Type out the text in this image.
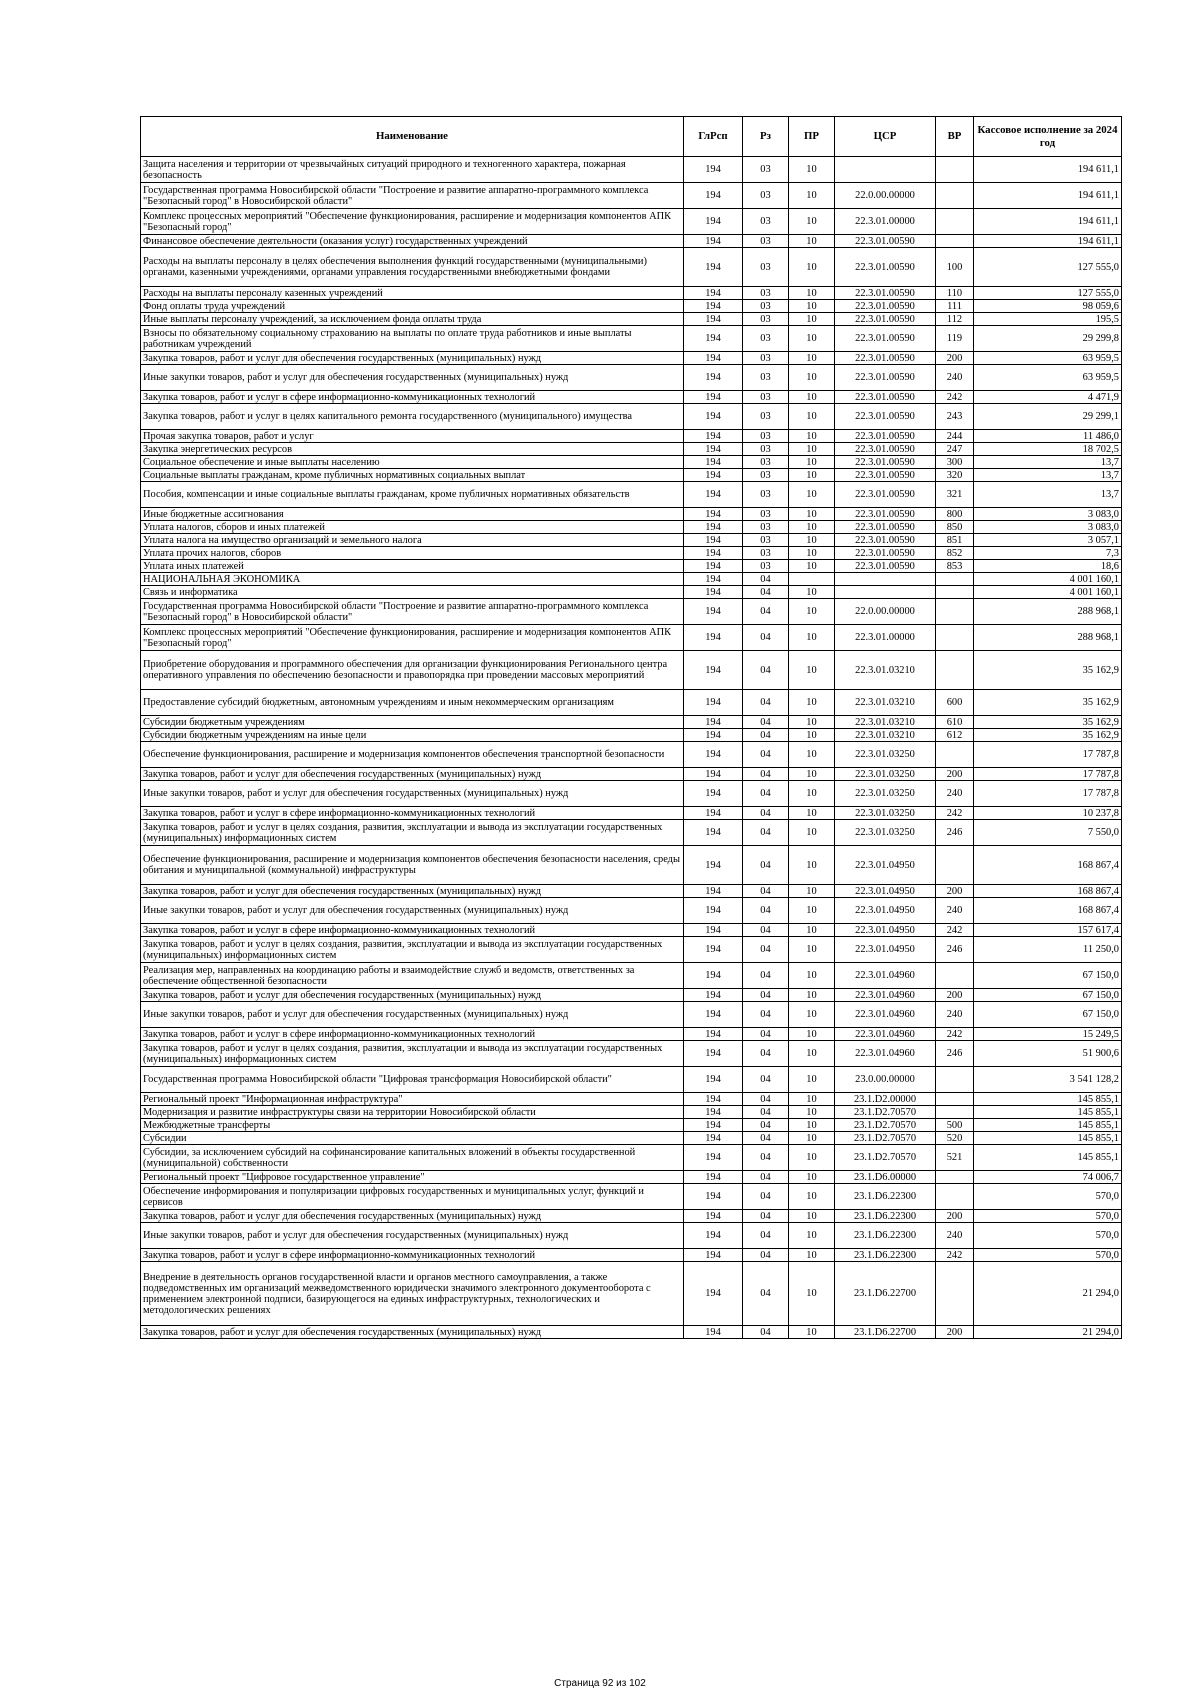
Наименование	ГлРсп	Рз	ПР	ЦСР	ВР	Кассовое исполнение за 2024 год
Защита населения и территории от чрезвычайных ситуаций природного и техногенного характера, пожарная безопасность	194	03	10			194 611,1
Государственная программа Новосибирской области "Построение и развитие аппаратно-программного комплекса "Безопасный город" в Новосибирской области"	194	03	10	22.0.00.00000		194 611,1
Комплекс процессных мероприятий "Обеспечение функционирования, расширение и модернизация компонентов АПК "Безопасный город"	194	03	10	22.3.01.00000		194 611,1
Финансовое обеспечение деятельности (оказания услуг) государственных учреждений	194	03	10	22.3.01.00590		194 611,1
Расходы на выплаты персоналу в целях обеспечения выполнения функций государственными (муниципальными) органами, казенными учреждениями, органами управления государственными внебюджетными фондами	194	03	10	22.3.01.00590	100	127 555,0
Расходы на выплаты персоналу казенных учреждений	194	03	10	22.3.01.00590	110	127 555,0
Фонд оплаты труда учреждений	194	03	10	22.3.01.00590	111	98 059,6
Иные выплаты персоналу учреждений, за исключением фонда оплаты труда	194	03	10	22.3.01.00590	112	195,5
Взносы по обязательному социальному страхованию на выплаты по оплате труда работников и иные выплаты работникам учреждений	194	03	10	22.3.01.00590	119	29 299,8
Закупка товаров, работ и услуг для обеспечения государственных (муниципальных) нужд	194	03	10	22.3.01.00590	200	63 959,5
Иные закупки товаров, работ и услуг для обеспечения государственных (муниципальных) нужд	194	03	10	22.3.01.00590	240	63 959,5
Закупка товаров, работ и услуг в сфере информационно-коммуникационных технологий	194	03	10	22.3.01.00590	242	4 471,9
Закупка товаров, работ и услуг в целях капитального ремонта государственного (муниципального) имущества	194	03	10	22.3.01.00590	243	29 299,1
Прочая закупка товаров, работ и услуг	194	03	10	22.3.01.00590	244	11 486,0
Закупка энергетических ресурсов	194	03	10	22.3.01.00590	247	18 702,5
Социальное обеспечение и иные выплаты населению	194	03	10	22.3.01.00590	300	13,7
Социальные выплаты гражданам, кроме публичных нормативных социальных выплат	194	03	10	22.3.01.00590	320	13,7
Пособия, компенсации и иные социальные выплаты гражданам, кроме публичных нормативных обязательств	194	03	10	22.3.01.00590	321	13,7
Иные бюджетные ассигнования	194	03	10	22.3.01.00590	800	3 083,0
Уплата налогов, сборов и иных платежей	194	03	10	22.3.01.00590	850	3 083,0
Уплата налога на имущество организаций и земельного налога	194	03	10	22.3.01.00590	851	3 057,1
Уплата прочих налогов, сборов	194	03	10	22.3.01.00590	852	7,3
Уплата иных платежей	194	03	10	22.3.01.00590	853	18,6
НАЦИОНАЛЬНАЯ ЭКОНОМИКА	194	04				4 001 160,1
Связь и информатика	194	04	10			4 001 160,1
Государственная программа Новосибирской области "Построение и развитие аппаратно-программного комплекса "Безопасный город" в Новосибирской области"	194	04	10	22.0.00.00000		288 968,1
Комплекс процессных мероприятий "Обеспечение функционирования, расширение и модернизация компонентов АПК "Безопасный город"	194	04	10	22.3.01.00000		288 968,1
Приобретение оборудования и программного обеспечения для организации функционирования Регионального центра оперативного управления по обеспечению безопасности и правопорядка при проведении массовых мероприятий	194	04	10	22.3.01.03210		35 162,9
Предоставление субсидий бюджетным, автономным учреждениям и иным некоммерческим организациям	194	04	10	22.3.01.03210	600	35 162,9
Субсидии бюджетным учреждениям	194	04	10	22.3.01.03210	610	35 162,9
Субсидии бюджетным учреждениям на иные цели	194	04	10	22.3.01.03210	612	35 162,9
Обеспечение функционирования, расширение и модернизация компонентов обеспечения транспортной безопасности	194	04	10	22.3.01.03250		17 787,8
Закупка товаров, работ и услуг для обеспечения государственных (муниципальных) нужд	194	04	10	22.3.01.03250	200	17 787,8
Иные закупки товаров, работ и услуг для обеспечения государственных (муниципальных) нужд	194	04	10	22.3.01.03250	240	17 787,8
Закупка товаров, работ и услуг в сфере информационно-коммуникационных технологий	194	04	10	22.3.01.03250	242	10 237,8
Закупка товаров, работ и услуг в целях создания, развития, эксплуатации и вывода из эксплуатации государственных (муниципальных) информационных систем	194	04	10	22.3.01.03250	246	7 550,0
Обеспечение функционирования, расширение и модернизация компонентов обеспечения безопасности населения, среды обитания и муниципальной (коммунальной) инфраструктуры	194	04	10	22.3.01.04950		168 867,4
Закупка товаров, работ и услуг для обеспечения государственных (муниципальных) нужд	194	04	10	22.3.01.04950	200	168 867,4
Иные закупки товаров, работ и услуг для обеспечения государственных (муниципальных) нужд	194	04	10	22.3.01.04950	240	168 867,4
Закупка товаров, работ и услуг в сфере информационно-коммуникационных технологий	194	04	10	22.3.01.04950	242	157 617,4
Закупка товаров, работ и услуг в целях создания, развития, эксплуатации и вывода из эксплуатации государственных (муниципальных) информационных систем	194	04	10	22.3.01.04950	246	11 250,0
Реализация мер, направленных на координацию работы и взаимодействие служб и ведомств, ответственных за обеспечение общественной безопасности	194	04	10	22.3.01.04960		67 150,0
Закупка товаров, работ и услуг для обеспечения государственных (муниципальных) нужд	194	04	10	22.3.01.04960	200	67 150,0
Иные закупки товаров, работ и услуг для обеспечения государственных (муниципальных) нужд	194	04	10	22.3.01.04960	240	67 150,0
Закупка товаров, работ и услуг в сфере информационно-коммуникационных технологий	194	04	10	22.3.01.04960	242	15 249,5
Закупка товаров, работ и услуг в целях создания, развития, эксплуатации и вывода из эксплуатации государственных (муниципальных) информационных систем	194	04	10	22.3.01.04960	246	51 900,6
Государственная программа Новосибирской области "Цифровая трансформация Новосибирской области"	194	04	10	23.0.00.00000		3 541 128,2
Региональный проект "Информационная инфраструктура"	194	04	10	23.1.D2.00000		145 855,1
Модернизация и развитие инфраструктуры связи на территории Новосибирской области	194	04	10	23.1.D2.70570		145 855,1
Межбюджетные трансферты	194	04	10	23.1.D2.70570	500	145 855,1
Субсидии	194	04	10	23.1.D2.70570	520	145 855,1
Субсидии, за исключением субсидий на софинансирование капитальных вложений в объекты государственной (муниципальной) собственности	194	04	10	23.1.D2.70570	521	145 855,1
Региональный проект "Цифровое государственное управление"	194	04	10	23.1.D6.00000		74 006,7
Обеспечение информирования и популяризации цифровых государственных и муниципальных услуг, функций и сервисов	194	04	10	23.1.D6.22300		570,0
Закупка товаров, работ и услуг для обеспечения государственных (муниципальных) нужд	194	04	10	23.1.D6.22300	200	570,0
Иные закупки товаров, работ и услуг для обеспечения государственных (муниципальных) нужд	194	04	10	23.1.D6.22300	240	570,0
Закупка товаров, работ и услуг в сфере информационно-коммуникационных технологий	194	04	10	23.1.D6.22300	242	570,0
Внедрение в деятельность органов государственной власти и органов местного самоуправления, а также подведомственных им организаций межведомственного юридически значимого электронного документооборота с применением электронной подписи, базирующегося на единых инфраструктурных, технологических и методологических решениях	194	04	10	23.1.D6.22700		21 294,0
Закупка товаров, работ и услуг для обеспечения государственных (муниципальных) нужд	194	04	10	23.1.D6.22700	200	21 294,0
Страница 92 из 102
